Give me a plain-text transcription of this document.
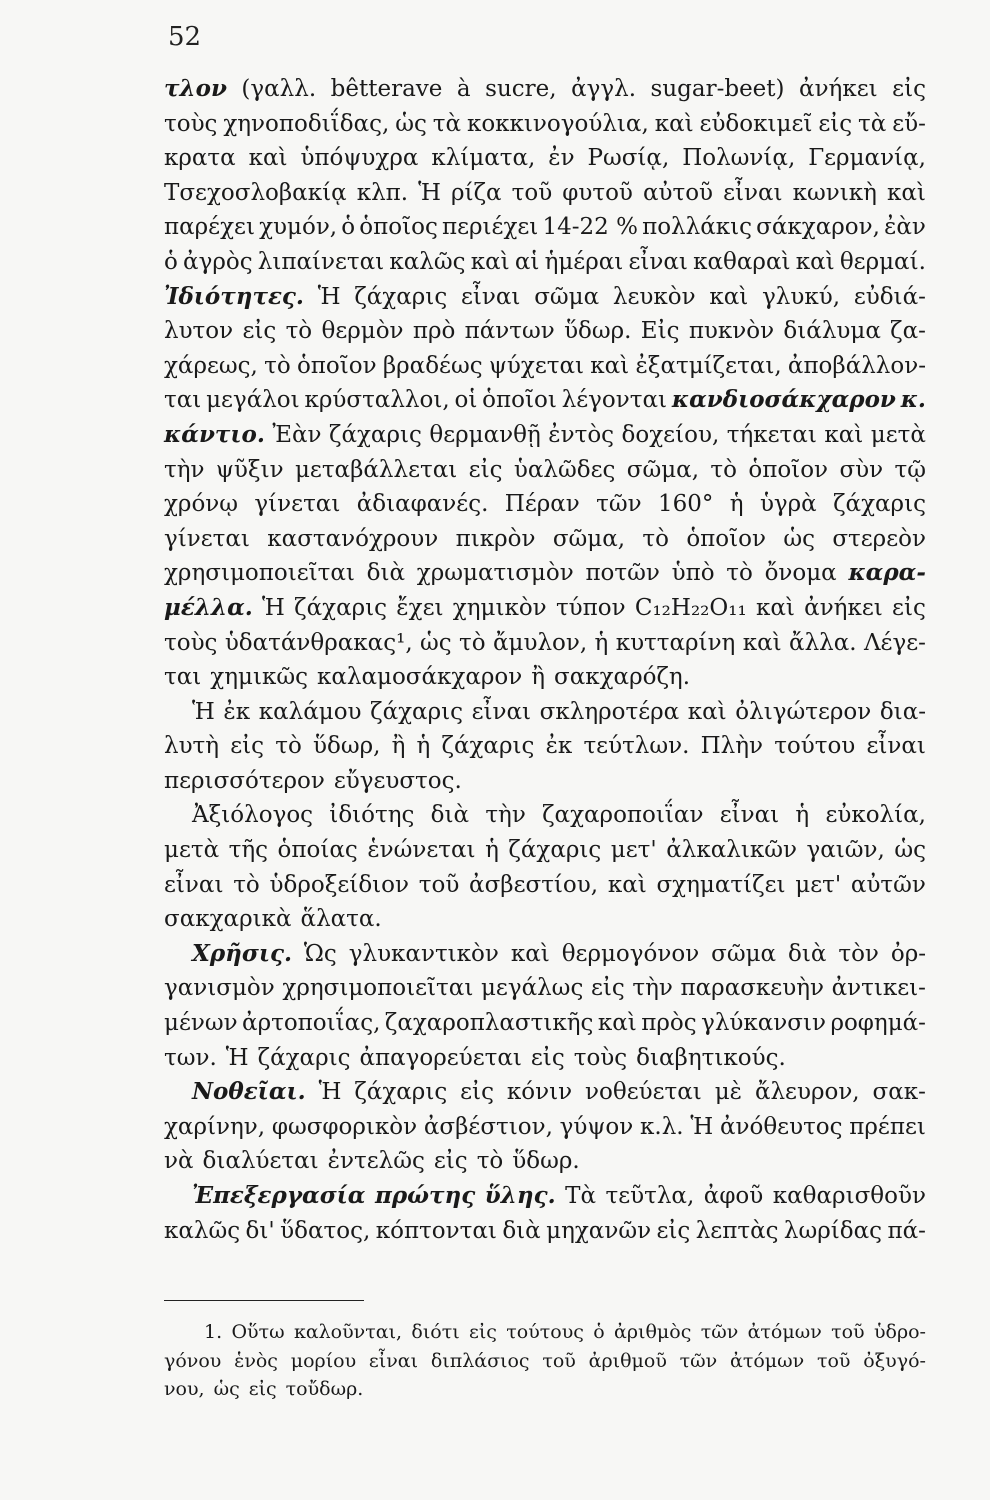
52
τλον (γαλλ. bêtterave à sucre, ἀγγλ. sugar-beet) ἀνήκει εἰς
τοὺς χηνοποδιΐδας, ὡς τὰ κοκκινογούλια, καὶ εὐδοκιμεῖ εἰς τὰ εὔ-
κρατα καὶ ὑπόψυχρα κλίματα, ἐν Ρωσίᾳ, Πολωνίᾳ, Γερμανίᾳ,
Τσεχοσλοβακίᾳ κλπ. Ἡ ρίζα τοῦ φυτοῦ αὐτοῦ εἶναι κωνικὴ καὶ
παρέχει χυμόν, ὁ ὁποῖος περιέχει 14-22 % πολλάκις σάκχαρον, ἐὰν
ὁ ἀγρὸς λιπαίνεται καλῶς καὶ αἱ ἡμέραι εἶναι καθαραὶ καὶ θερμαί.
Ἰδιότητες. Ἡ ζάχαρις εἶναι σῶμα λευκὸν καὶ γλυκύ, εὐδιά-
λυτον εἰς τὸ θερμὸν πρὸ πάντων ὕδωρ. Εἰς πυκνὸν διάλυμα ζα-
χάρεως, τὸ ὁποῖον βραδέως ψύχεται καὶ ἐξατμίζεται, ἀποβάλλον-
ται μεγάλοι κρύσταλλοι, οἱ ὁποῖοι λέγονται κανδιοσάκχαρον κ.
κάντιο. Ἐὰν ζάχαρις θερμανθῇ ἐντὸς δοχείου, τήκεται καὶ μετὰ
τὴν ψῦξιν μεταβάλλεται εἰς ὑαλῶδες σῶμα, τὸ ὁποῖον σὺν τῷ
χρόνῳ γίνεται ἀδιαφανές. Πέραν τῶν 160° ἡ ὑγρὰ ζάχαρις
γίνεται καστανόχρουν πικρὸν σῶμα, τὸ ὁποῖον ὡς στερεὸν
χρησιμοποιεῖται διὰ χρωματισμὸν ποτῶν ὑπὸ τὸ ὄνομα καρα-
μέλλα. Ἡ ζάχαρις ἔχει χημικὸν τύπον C₁₂H₂₂O₁₁ καὶ ἀνήκει εἰς
τοὺς ὑδατάνθρακας¹, ὡς τὸ ἄμυλον, ἡ κυτταρίνη καὶ ἄλλα. Λέγε-
ται χημικῶς καλαμοσάκχαρον ἢ σακχαρόζη.
Ἡ ἐκ καλάμου ζάχαρις εἶναι σκληροτέρα καὶ ὀλιγώτερον δια-
λυτὴ εἰς τὸ ὕδωρ, ἢ ἡ ζάχαρις ἐκ τεύτλων. Πλὴν τούτου εἶναι
περισσότερον εὔγευστος.
Ἀξιόλογος ἰδιότης διὰ τὴν ζαχαροποιΐαν εἶναι ἡ εὐκολία,
μετὰ τῆς ὁποίας ἑνώνεται ἡ ζάχαρις μετ' ἀλκαλικῶν γαιῶν, ὡς
εἶναι τὸ ὑδροξείδιον τοῦ ἀσβεστίου, καὶ σχηματίζει μετ' αὐτῶν
σακχαρικὰ ἅλατα.
Χρῆσις. Ὡς γλυκαντικὸν καὶ θερμογόνον σῶμα διὰ τὸν ὀρ-
γανισμὸν χρησιμοποιεῖται μεγάλως εἰς τὴν παρασκευὴν ἀντικει-
μένων ἀρτοποιΐας, ζαχαροπλαστικῆς καὶ πρὸς γλύκανσιν ροφημά-
των. Ἡ ζάχαρις ἀπαγορεύεται εἰς τοὺς διαβητικούς.
Νοθεῖαι. Ἡ ζάχαρις εἰς κόνιν νοθεύεται μὲ ἄλευρον, σακ-
χαρίνην, φωσφορικὸν ἀσβέστιον, γύψον κ.λ. Ἡ ἀνόθευτος πρέπει
νὰ διαλύεται ἐντελῶς εἰς τὸ ὕδωρ.
Ἐπεξεργασία πρώτης ὕλης. Τὰ τεῦτλα, ἀφοῦ καθαρισθοῦν
καλῶς δι' ὕδατος, κόπτονται διὰ μηχανῶν εἰς λεπτὰς λωρίδας πά-
1. Οὕτω καλοῦνται, διότι εἰς τούτους ὁ ἀριθμὸς τῶν ἀτόμων τοῦ ὑδρο-
γόνου ἑνὸς μορίου εἶναι διπλάσιος τοῦ ἀριθμοῦ τῶν ἀτόμων τοῦ ὀξυγό-
νου, ὡς εἰς τοὔδωρ.
